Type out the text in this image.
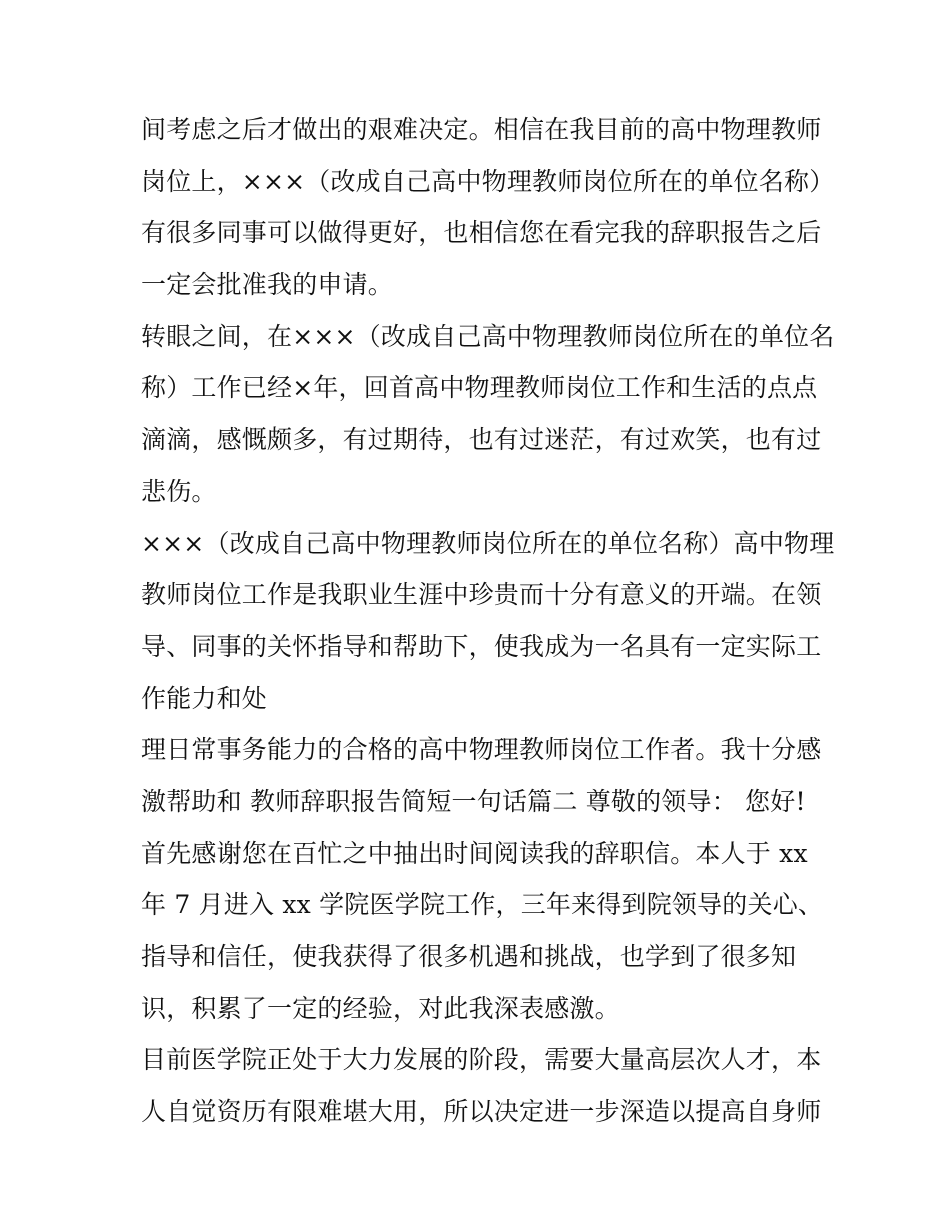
间考虑之后才做出的艰难决定。相信在我目前的高中物理教师
岗位上，×××（改成自己高中物理教师岗位所在的单位名称）
有很多同事可以做得更好，也相信您在看完我的辞职报告之后
一定会批准我的申请。
转眼之间，在×××（改成自己高中物理教师岗位所在的单位名
称）工作已经×年，回首高中物理教师岗位工作和生活的点点
滴滴，感慨颇多，有过期待，也有过迷茫，有过欢笑，也有过
悲伤。
×××（改成自己高中物理教师岗位所在的单位名称）高中物理
教师岗位工作是我职业生涯中珍贵而十分有意义的开端。在领
导、同事的关怀指导和帮助下，使我成为一名具有一定实际工
作能力和处
理日常事务能力的合格的高中物理教师岗位工作者。我十分感
激帮助和 教师辞职报告简短一句话篇二 尊敬的领导： 您好!
首先感谢您在百忙之中抽出时间阅读我的辞职信。本人于 xx
年 7 月进入 xx 学院医学院工作，三年来得到院领导的关心、
指导和信任，使我获得了很多机遇和挑战，也学到了很多知
识，积累了一定的经验，对此我深表感激。
目前医学院正处于大力发展的阶段，需要大量高层次人才，本
人自觉资历有限难堪大用，所以决定进一步深造以提高自身师
